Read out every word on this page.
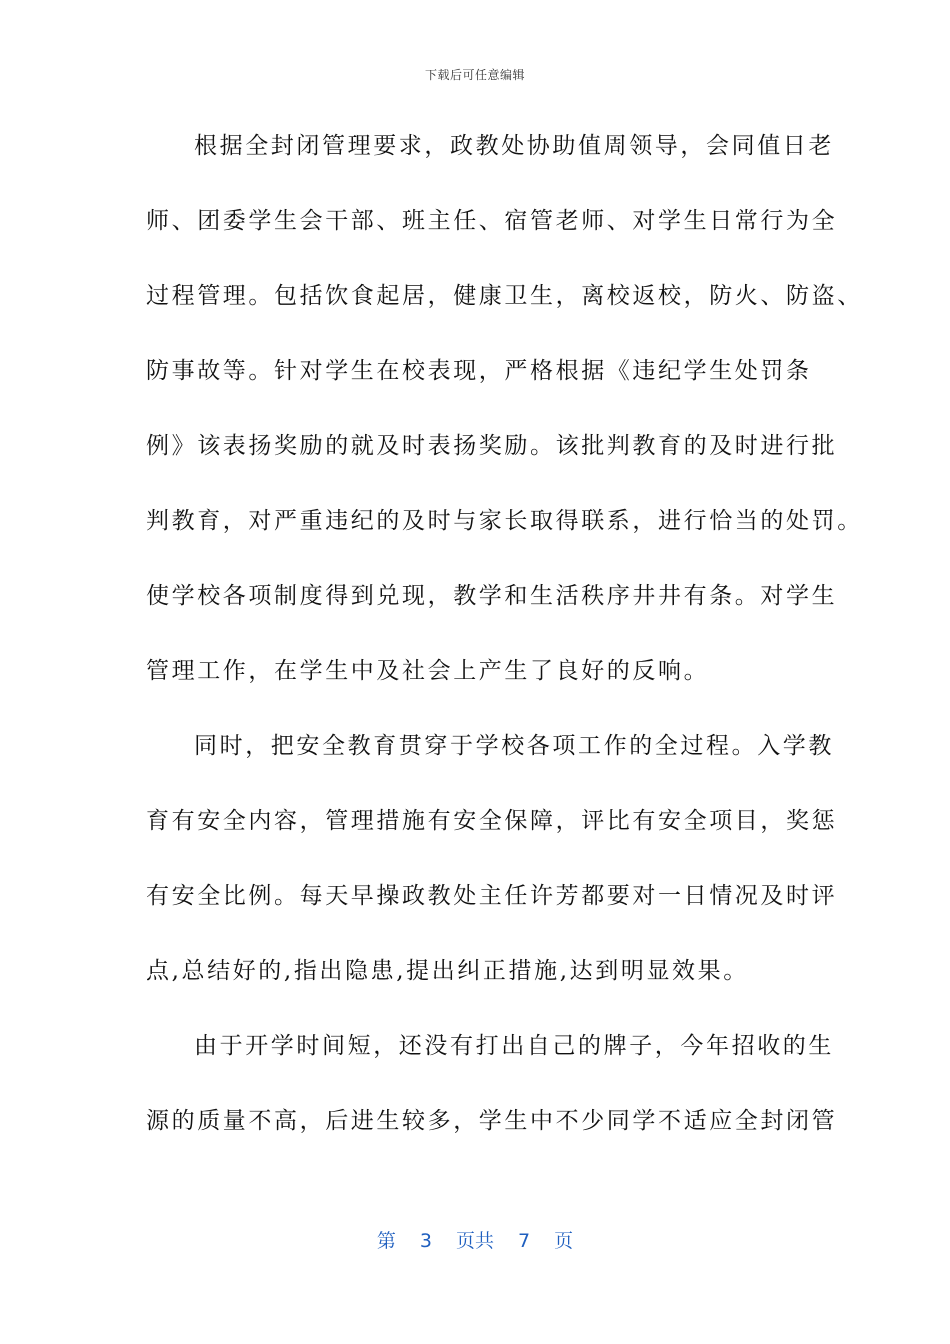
下载后可任意编辑
根据全封闭管理要求，政教处协助值周领导，会同值日老
师、团委学生会干部、班主任、宿管老师、对学生日常行为全
过程管理。包括饮食起居，健康卫生，离校返校，防火、防盗、
防事故等。针对学生在校表现，严格根据《违纪学生处罚条
例》该表扬奖励的就及时表扬奖励。该批判教育的及时进行批
判教育，对严重违纪的及时与家长取得联系，进行恰当的处罚。
使学校各项制度得到兑现，教学和生活秩序井井有条。对学生
管理工作，在学生中及社会上产生了良好的反响。
同时，把安全教育贯穿于学校各项工作的全过程。入学教
育有安全内容，管理措施有安全保障，评比有安全项目，奖惩
有安全比例。每天早操政教处主任许芳都要对一日情况及时评
点,总结好的,指出隐患,提出纠正措施,达到明显效果。
由于开学时间短，还没有打出自己的牌子，今年招收的生
源的质量不高，后进生较多，学生中不少同学不适应全封闭管
第 3 页共 7 页
